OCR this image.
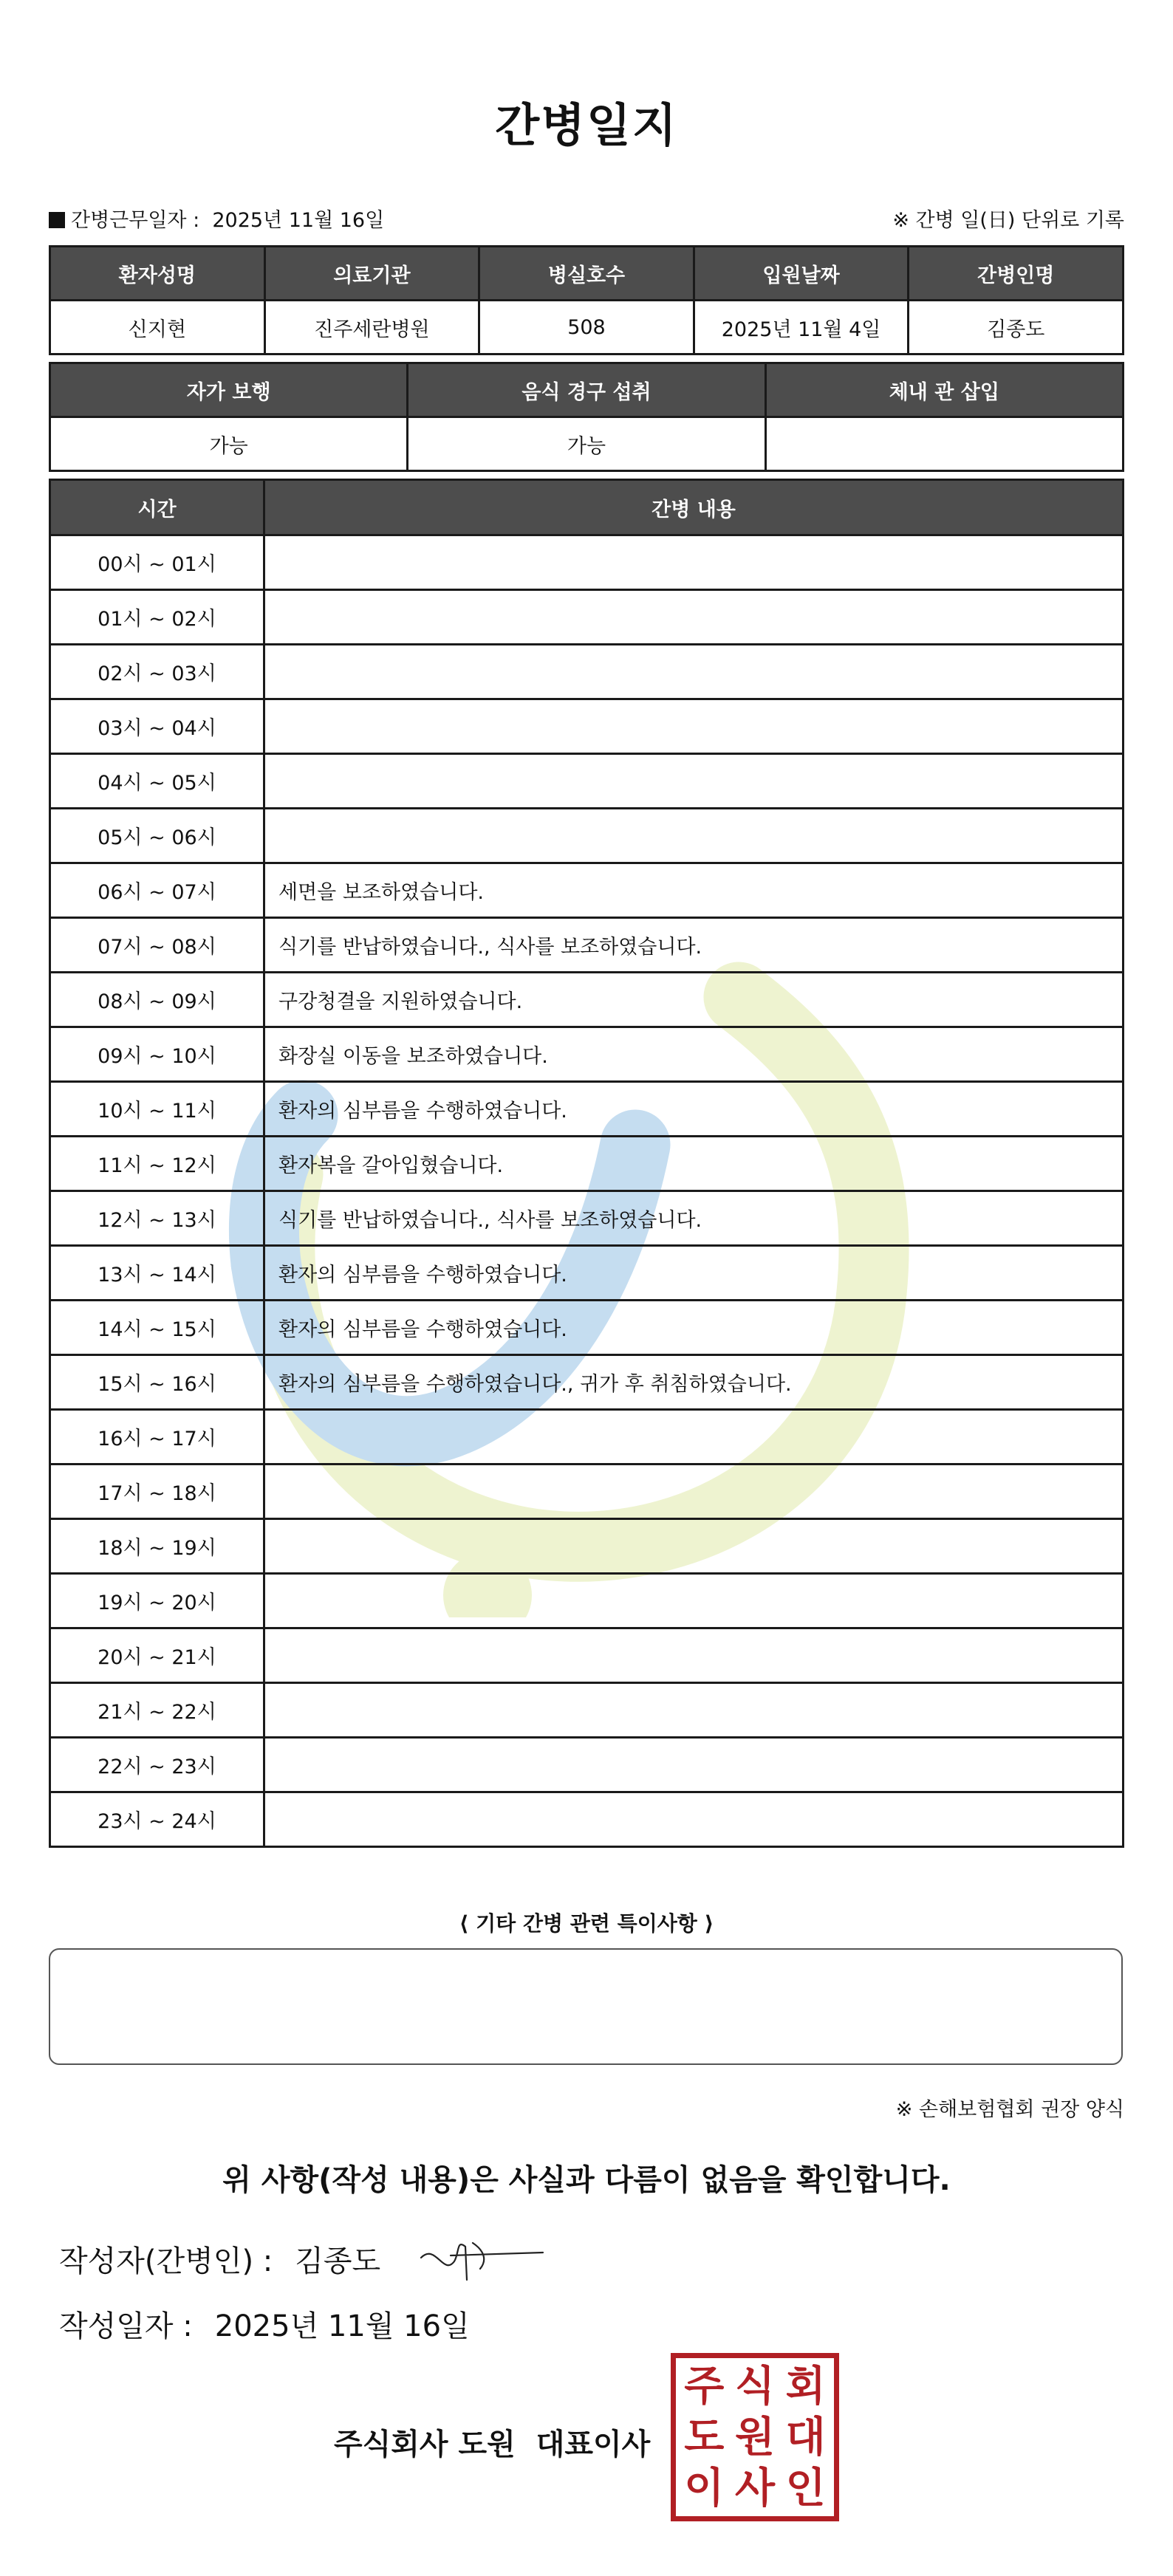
간병일지
간병근무일자 : 2025년 11월 16일	※ 간병 일(日) 단위로 기록
환자성명	의료기관	병실호수	입원날짜	간병인명
신지현	진주세란병원	508	2025년 11월 4일	김종도
자가 보행	음식 경구 섭취	체내 관 삽입
가능	가능	
시간	간병 내용
00시 ~ 01시	
01시 ~ 02시	
02시 ~ 03시	
03시 ~ 04시	
04시 ~ 05시	
05시 ~ 06시	
06시 ~ 07시	세면을 보조하였습니다.
07시 ~ 08시	식기를 반납하였습니다., 식사를 보조하였습니다.
08시 ~ 09시	구강청결을 지원하였습니다.
09시 ~ 10시	화장실 이동을 보조하였습니다.
10시 ~ 11시	환자의 심부름을 수행하였습니다.
11시 ~ 12시	환자복을 갈아입혔습니다.
12시 ~ 13시	식기를 반납하였습니다., 식사를 보조하였습니다.
13시 ~ 14시	환자의 심부름을 수행하였습니다.
14시 ~ 15시	환자의 심부름을 수행하였습니다.
15시 ~ 16시	환자의 심부름을 수행하였습니다., 귀가 후 취침하였습니다.
16시 ~ 17시	
17시 ~ 18시	
18시 ~ 19시	
19시 ~ 20시	
20시 ~ 21시	
21시 ~ 22시	
22시 ~ 23시	
23시 ~ 24시	
⟨ 기타 간병 관련 특이사항 ⟩
※ 손해보험협회 권장 양식
위 사항(작성 내용)은 사실과 다름이 없음을 확인합니다.
작성자(간병인) : 김종도
작성일자 : 2025년 11월 16일
주식회사 도원 대표이사
주 식 회
도 원 대
이 사 인
